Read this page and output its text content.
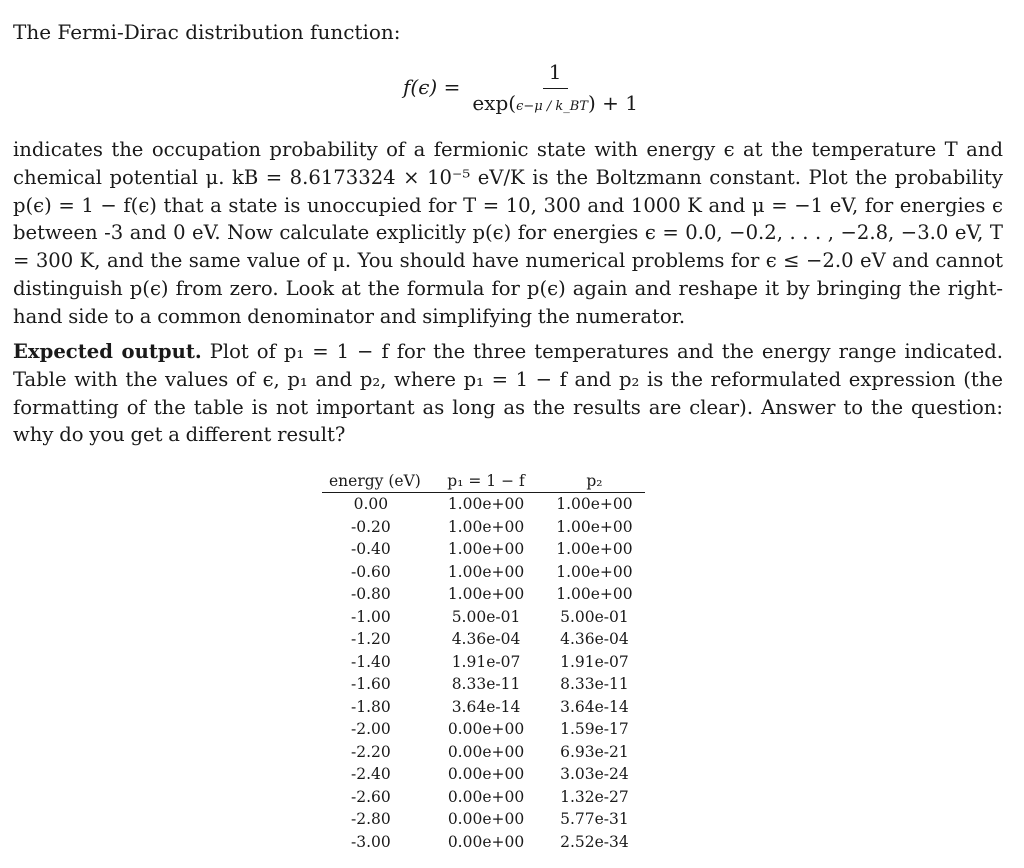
The Fermi-Dirac distribution function:
$f(\epsilon) = \frac{1}{\exp(\epsilon-\mu / k\_BT) + 1}$
indicates the occupation probability of a fermionic state with energy ϵ at the temperature T and chemical potential μ. kB = 8.6173324 × 10⁻⁵ eV/K is the Boltzmann constant. Plot the probability p(ϵ) = 1 − f(ϵ) that a state is unoccupied for T = 10, 300 and 1000 K and μ = −1 eV, for energies ϵ between -3 and 0 eV. Now calculate explicitly p(ϵ) for energies ϵ = 0.0, −0.2, . . . , −2.8, −3.0 eV, T = 300 K, and the same value of μ. You should have numerical problems for ϵ ≤ −2.0 eV and cannot distinguish p(ϵ) from zero. Look at the formula for p(ϵ) again and reshape it by bringing the right-hand side to a common denominator and simplifying the numerator.
Expected output. Plot of p₁ = 1 − f for the three temperatures and the energy range indicated. Table with the values of ϵ, p₁ and p₂, where p₁ = 1 − f and p₂ is the reformulated expression (the formatting of the table is not important as long as the results are clear). Answer to the question: why do you get a different result?
energy (eV)	p₁ = 1 − f	p₂
0.00	1.00e+00	1.00e+00
-0.20	1.00e+00	1.00e+00
-0.40	1.00e+00	1.00e+00
-0.60	1.00e+00	1.00e+00
-0.80	1.00e+00	1.00e+00
-1.00	5.00e-01	5.00e-01
-1.20	4.36e-04	4.36e-04
-1.40	1.91e-07	1.91e-07
-1.60	8.33e-11	8.33e-11
-1.80	3.64e-14	3.64e-14
-2.00	0.00e+00	1.59e-17
-2.20	0.00e+00	6.93e-21
-2.40	0.00e+00	3.03e-24
-2.60	0.00e+00	1.32e-27
-2.80	0.00e+00	5.77e-31
-3.00	0.00e+00	2.52e-34
